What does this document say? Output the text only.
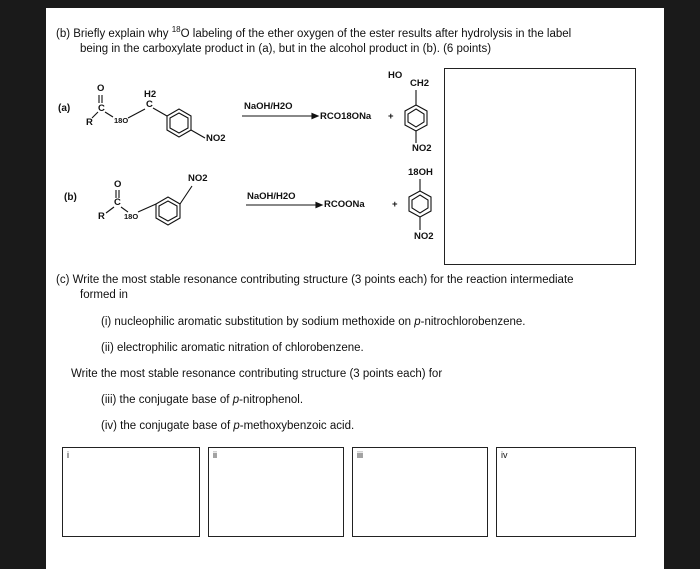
(b) Briefly explain why $^{18}$O labeling of the ether oxygen of the ester results after hydrolysis in the label
being in the carboxylate product in (a), but in the alcohol product in (b). (6 points)
(a)
O
C
R	18O
H2
C
NO2
NaOH/H2O
RCO18ONa +
HO
CH2
NO2
(b)
O
C
R	18O
NO2
NaOH/H2O
RCOONa	+
18OH
NO2
(c) Write the most stable resonance contributing structure (3 points each) for the reaction intermediate
formed in
(i) nucleophilic aromatic substitution by sodium methoxide on p-nitrochlorobenzene.
(ii) electrophilic aromatic nitration of chlorobenzene.
Write the most stable resonance contributing structure (3 points each) for
(iii) the conjugate base of p-nitrophenol.
(iv) the conjugate base of p-methoxybenzoic acid.
i	ii	iii	iv
